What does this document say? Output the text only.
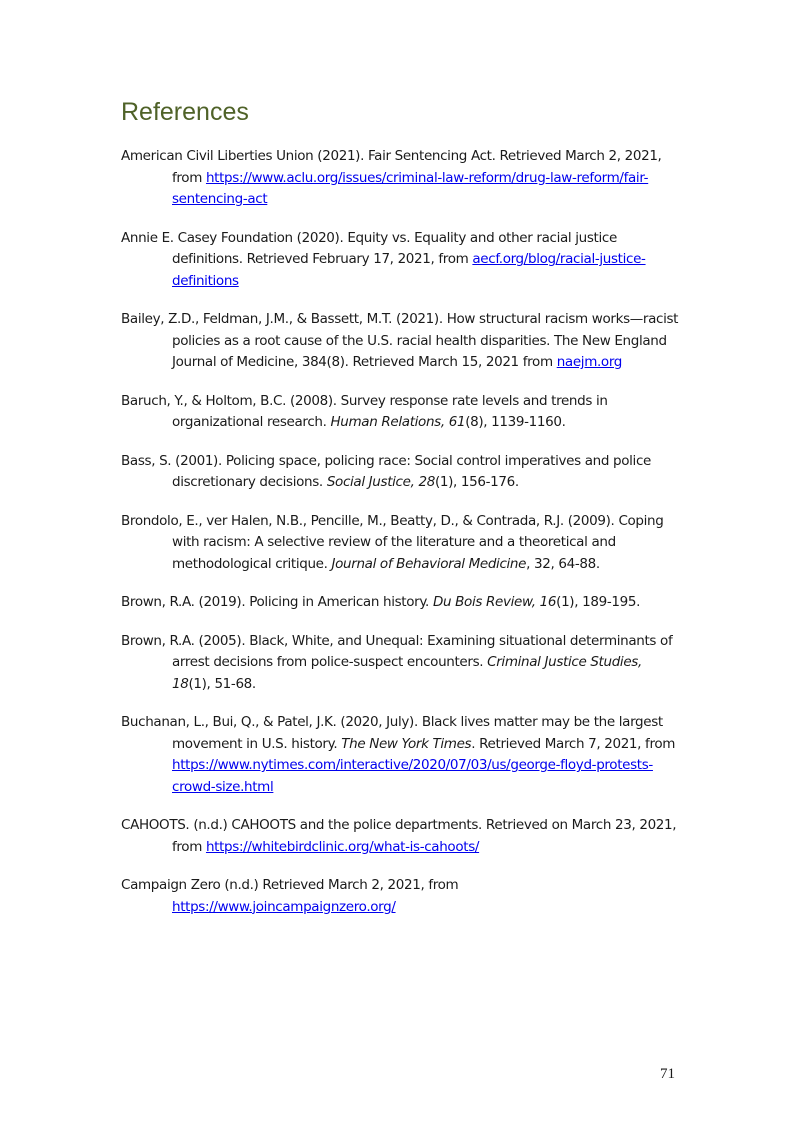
References
American Civil Liberties Union (2021). Fair Sentencing Act. Retrieved March 2, 2021, from https://www.aclu.org/issues/criminal-law-reform/drug-law-reform/fair-sentencing-act
Annie E. Casey Foundation (2020). Equity vs. Equality and other racial justice definitions. Retrieved February 17, 2021, from aecf.org/blog/racial-justice-definitions
Bailey, Z.D., Feldman, J.M., & Bassett, M.T. (2021). How structural racism works—racist policies as a root cause of the U.S. racial health disparities. The New England Journal of Medicine, 384(8). Retrieved March 15, 2021 from naejm.org
Baruch, Y., & Holtom, B.C. (2008). Survey response rate levels and trends in organizational research. Human Relations, 61(8), 1139-1160.
Bass, S. (2001). Policing space, policing race: Social control imperatives and police discretionary decisions. Social Justice, 28(1), 156-176.
Brondolo, E., ver Halen, N.B., Pencille, M., Beatty, D., & Contrada, R.J. (2009). Coping with racism: A selective review of the literature and a theoretical and methodological critique. Journal of Behavioral Medicine, 32, 64-88.
Brown, R.A. (2019). Policing in American history. Du Bois Review, 16(1), 189-195.
Brown, R.A. (2005). Black, White, and Unequal: Examining situational determinants of arrest decisions from police-suspect encounters. Criminal Justice Studies, 18(1), 51-68.
Buchanan, L., Bui, Q., & Patel, J.K. (2020, July). Black lives matter may be the largest movement in U.S. history. The New York Times. Retrieved March 7, 2021, from https://www.nytimes.com/interactive/2020/07/03/us/george-floyd-protests-crowd-size.html
CAHOOTS. (n.d.) CAHOOTS and the police departments. Retrieved on March 23, 2021, from https://whitebirdclinic.org/what-is-cahoots/
Campaign Zero (n.d.) Retrieved March 2, 2021, from https://www.joincampaignzero.org/
71
